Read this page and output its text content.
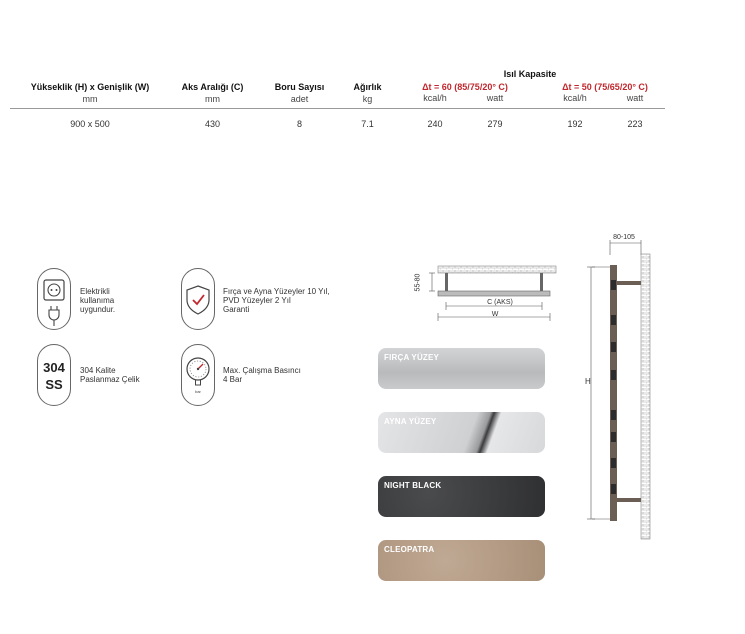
Isıl Kapasite
Yükseklik (H) x Genişlik (W)
mm
Aks Aralığı (C)
mm
Boru Sayısı
adet
Ağırlık
kg
Δt = 60 (85/75/20° C)
kcal/h	watt
Δt = 50 (75/65/20° C)
kcal/h	watt
900 x 500	430	8	7.1	240	279	192	223
Elektrikli
kullanıma
uygundur.
Fırça ve Ayna Yüzeyler 10 Yıl,
PVD Yüzeyler 2 Yıl
Garanti
304
SS
304 Kalite
Paslanmaz Çelik
bar
Max. Çalışma Basıncı
4 Bar
55-80
C (AKS)
W
FIRÇA YÜZEY
AYNA YÜZEY
NIGHT BLACK
CLEOPATRA
80-105
H
